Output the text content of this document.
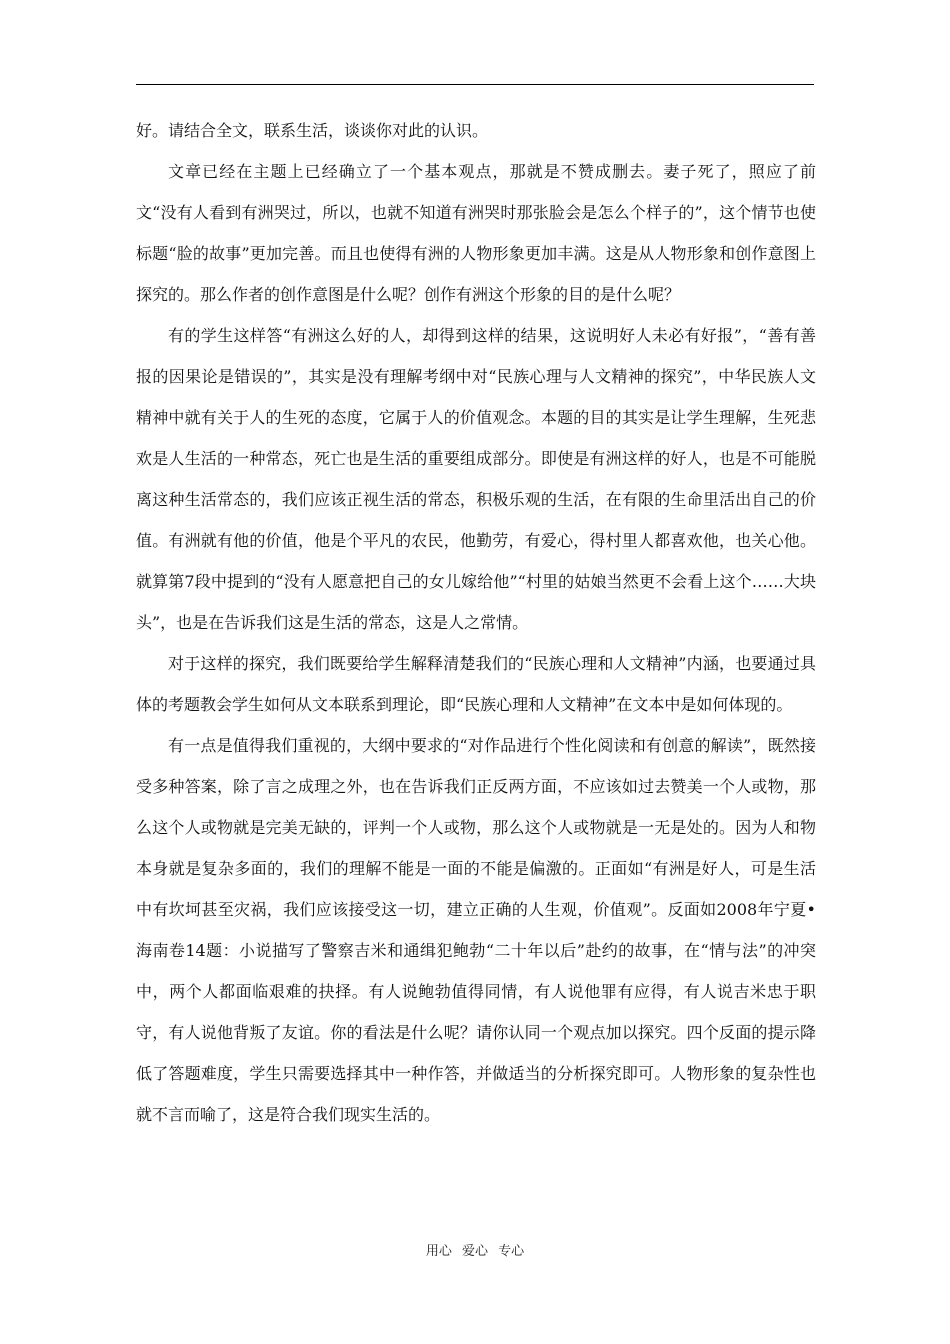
好。请结合全文，联系生活，谈谈你对此的认识。

文章已经在主题上已经确立了一个基本观点，那就是不赞成删去。妻子死了，照应了前文“没有人看到有洲哭过，所以，也就不知道有洲哭时那张脸会是怎么个样子的”，这个情节也使标题“脸的故事”更加完善。而且也使得有洲的人物形象更加丰满。这是从人物形象和创作意图上探究的。那么作者的创作意图是什么呢？创作有洲这个形象的目的是什么呢？

有的学生这样答“有洲这么好的人，却得到这样的结果，这说明好人未必有好报”，“善有善报的因果论是错误的”，其实是没有理解考纲中对“民族心理与人文精神的探究”，中华民族人文精神中就有关于人的生死的态度，它属于人的价值观念。本题的目的其实是让学生理解，生死悲欢是人生活的一种常态，死亡也是生活的重要组成部分。即使是有洲这样的好人，也是不可能脱离这种生活常态的，我们应该正视生活的常态，积极乐观的生活，在有限的生命里活出自己的价值。有洲就有他的价值，他是个平凡的农民，他勤劳，有爱心，得村里人都喜欢他，也关心他。就算第7段中提到的“没有人愿意把自己的女儿嫁给他”“村里的姑娘当然更不会看上这个……大块头”，也是在告诉我们这是生活的常态，这是人之常情。

对于这样的探究，我们既要给学生解释清楚我们的“民族心理和人文精神”内涵，也要通过具体的考题教会学生如何从文本联系到理论，即“民族心理和人文精神”在文本中是如何体现的。

有一点是值得我们重视的，大纲中要求的“对作品进行个性化阅读和有创意的解读”，既然接受多种答案，除了言之成理之外，也在告诉我们正反两方面，不应该如过去赞美一个人或物，那么这个人或物就是完美无缺的，评判一个人或物，那么这个人或物就是一无是处的。因为人和物本身就是复杂多面的，我们的理解不能是一面的不能是偏激的。正面如“有洲是好人，可是生活中有坎坷甚至灾祸，我们应该接受这一切，建立正确的人生观，价值观”。反面如2008年宁夏•海南卷14题：小说描写了警察吉米和通缉犯鲍勃“二十年以后”赴约的故事，在“情与法”的冲突中，两个人都面临艰难的抉择。有人说鲍勃值得同情，有人说他罪有应得，有人说吉米忠于职守，有人说他背叛了友谊。你的看法是什么呢？请你认同一个观点加以探究。四个反面的提示降低了答题难度，学生只需要选择其中一种作答，并做适当的分析探究即可。人物形象的复杂性也就不言而喻了，这是符合我们现实生活的。

用心 爱心 专心
